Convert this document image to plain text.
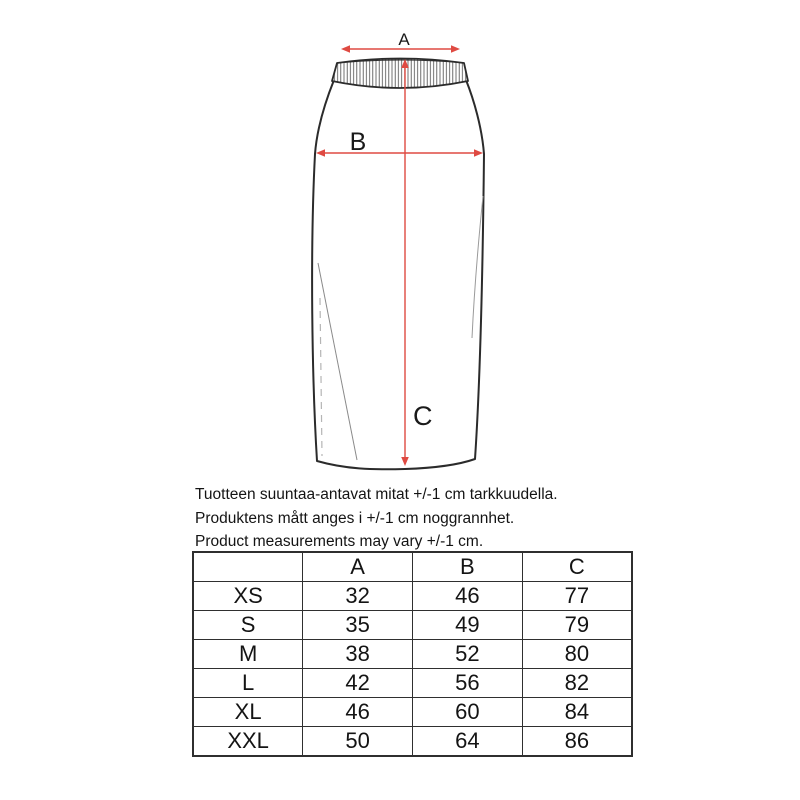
A
B
C
Tuotteen suuntaa-antavat mitat +/-1 cm tarkkuudella.
Produktens mått anges i +/-1 cm noggrannhet.
Product measurements may vary +/-1 cm.
	A	B	C
XS	32	46	77
S	35	49	79
M	38	52	80
L	42	56	82
XL	46	60	84
XXL	50	64	86
